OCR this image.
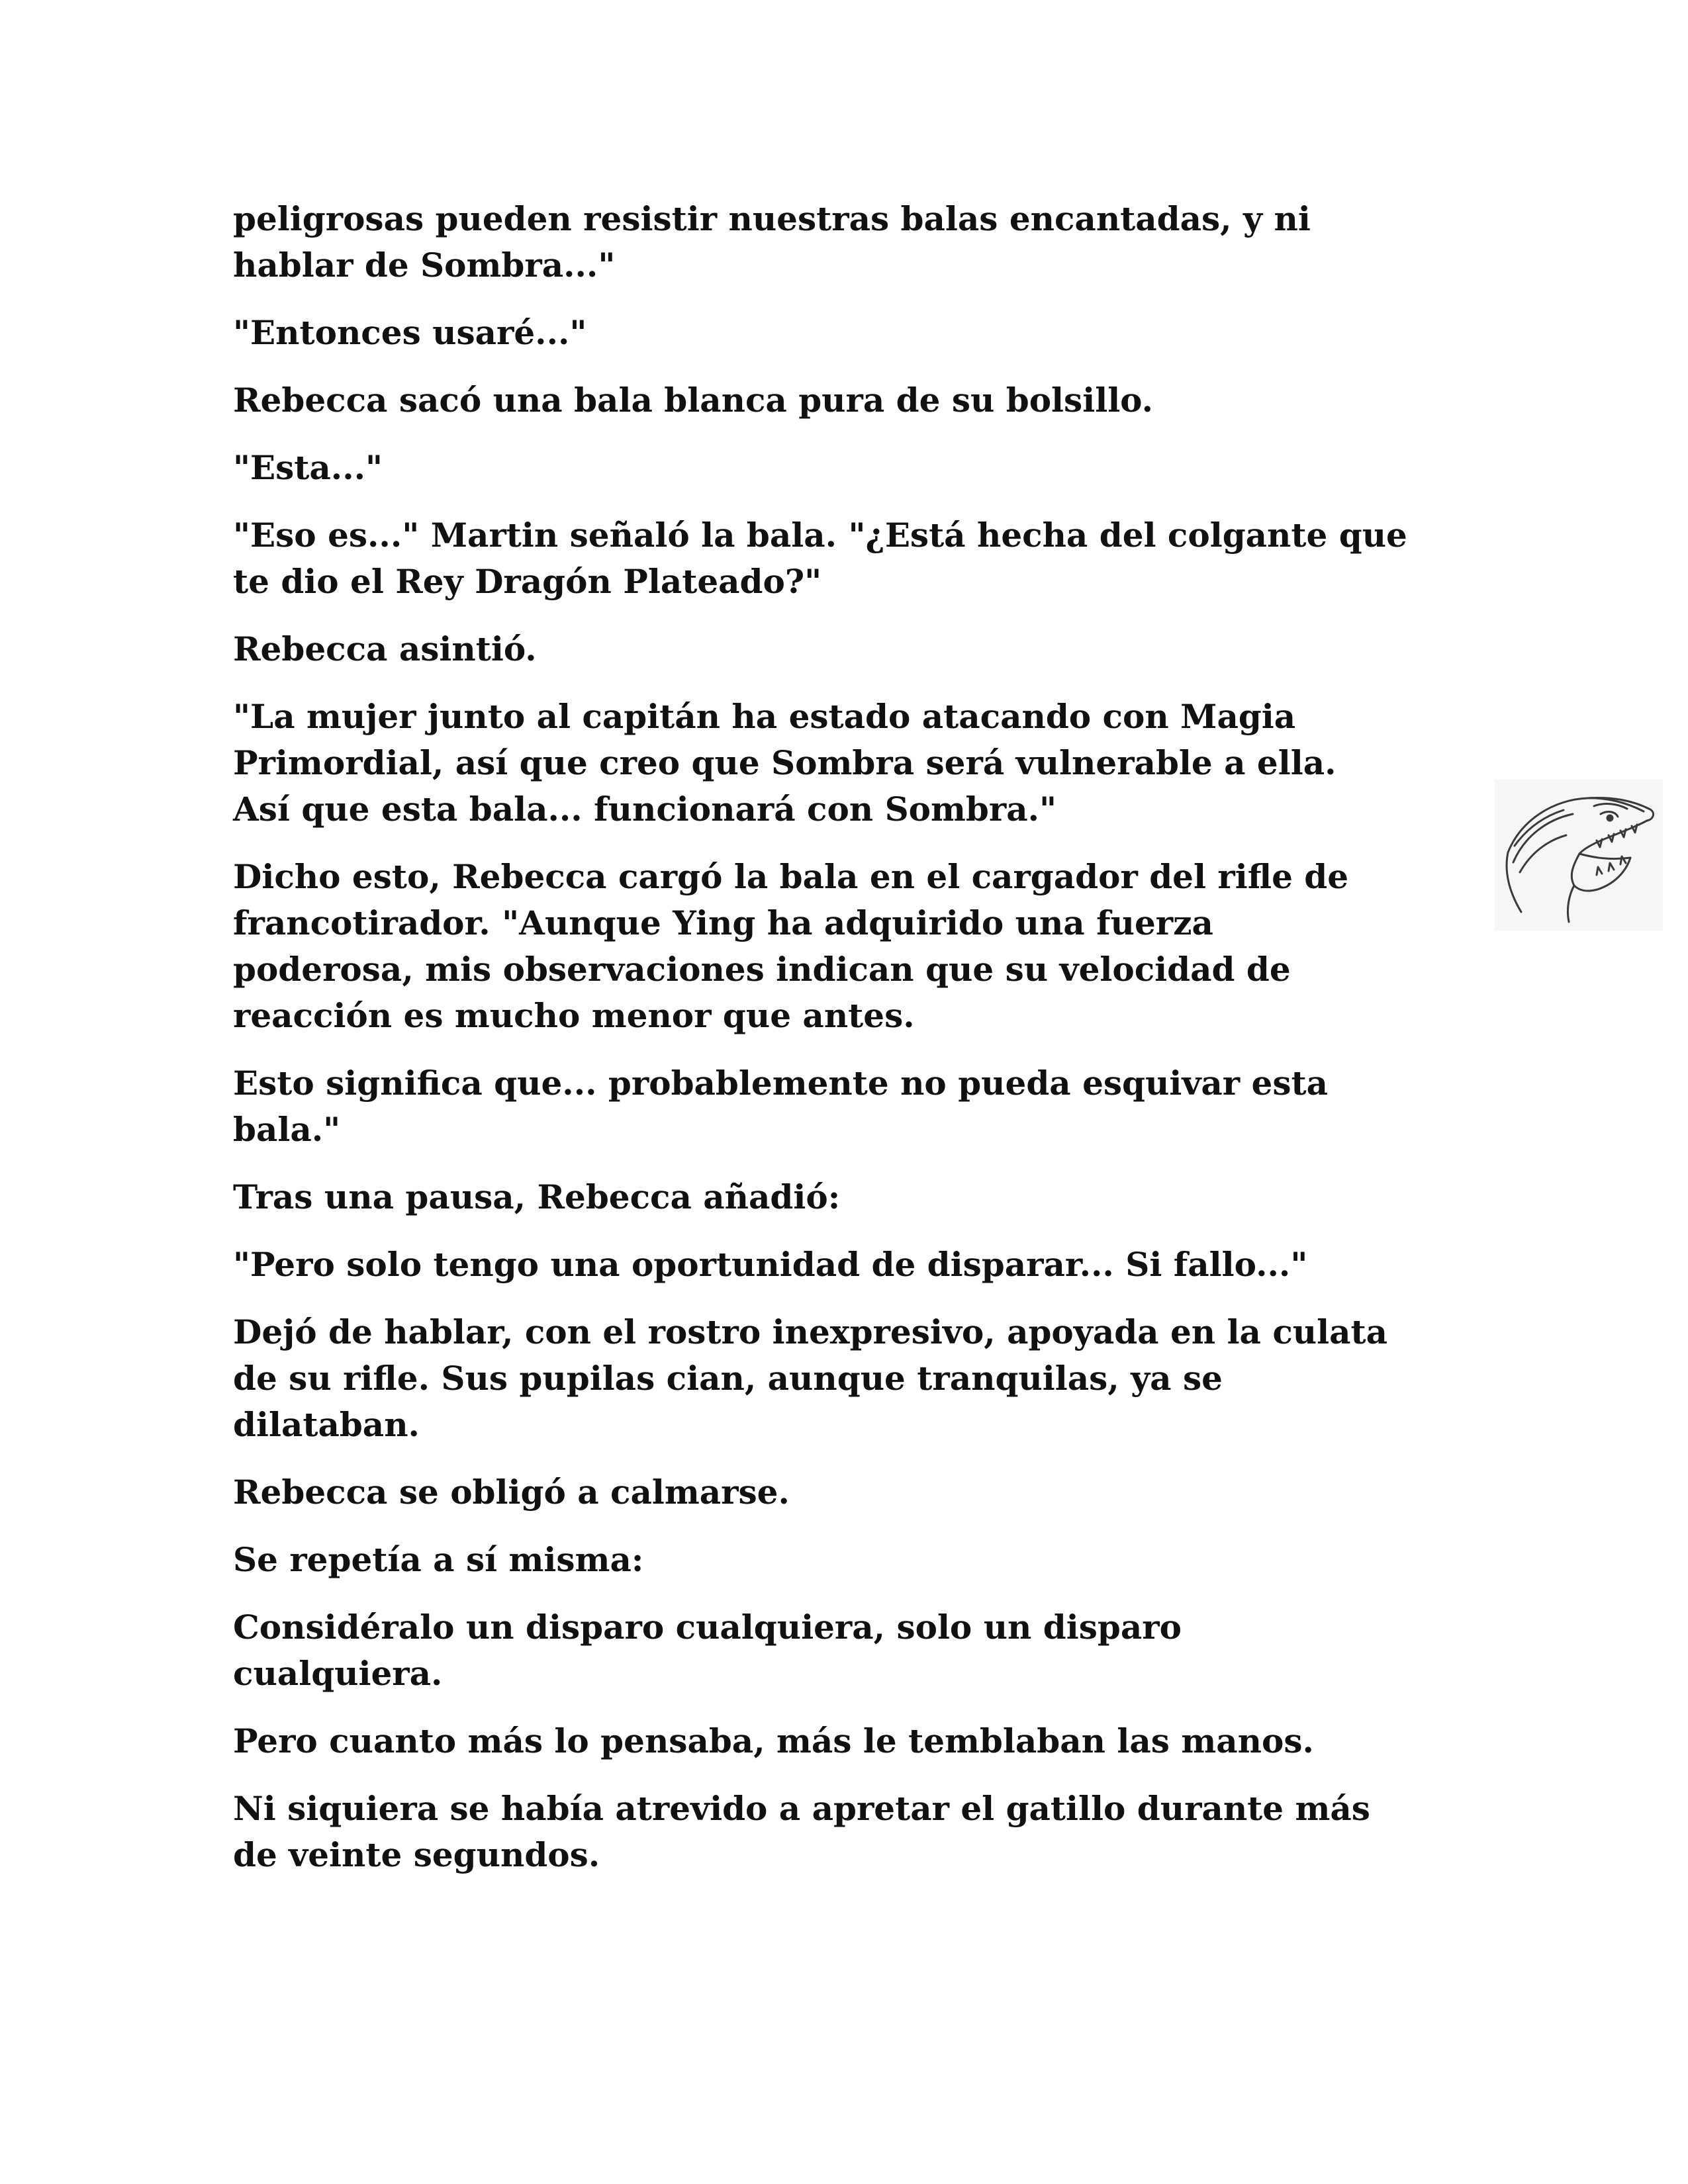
peligrosas pueden resistir nuestras balas encantadas, y ni
hablar de Sombra..."

"Entonces usaré..."

Rebecca sacó una bala blanca pura de su bolsillo.

"Esta..."

"Eso es..." Martin señaló la bala. "¿Está hecha del colgante que
te dio el Rey Dragón Plateado?"

Rebecca asintió.

"La mujer junto al capitán ha estado atacando con Magia
Primordial, así que creo que Sombra será vulnerable a ella.
Así que esta bala... funcionará con Sombra."

Dicho esto, Rebecca cargó la bala en el cargador del rifle de
francotirador. "Aunque Ying ha adquirido una fuerza
poderosa, mis observaciones indican que su velocidad de
reacción es mucho menor que antes.

Esto significa que... probablemente no pueda esquivar esta
bala."

Tras una pausa, Rebecca añadió:

"Pero solo tengo una oportunidad de disparar... Si fallo..."

Dejó de hablar, con el rostro inexpresivo, apoyada en la culata
de su rifle. Sus pupilas cian, aunque tranquilas, ya se
dilataban.

Rebecca se obligó a calmarse.

Se repetía a sí misma:

Considéralo un disparo cualquiera, solo un disparo
cualquiera.

Pero cuanto más lo pensaba, más le temblaban las manos.

Ni siquiera se había atrevido a apretar el gatillo durante más
de veinte segundos.
